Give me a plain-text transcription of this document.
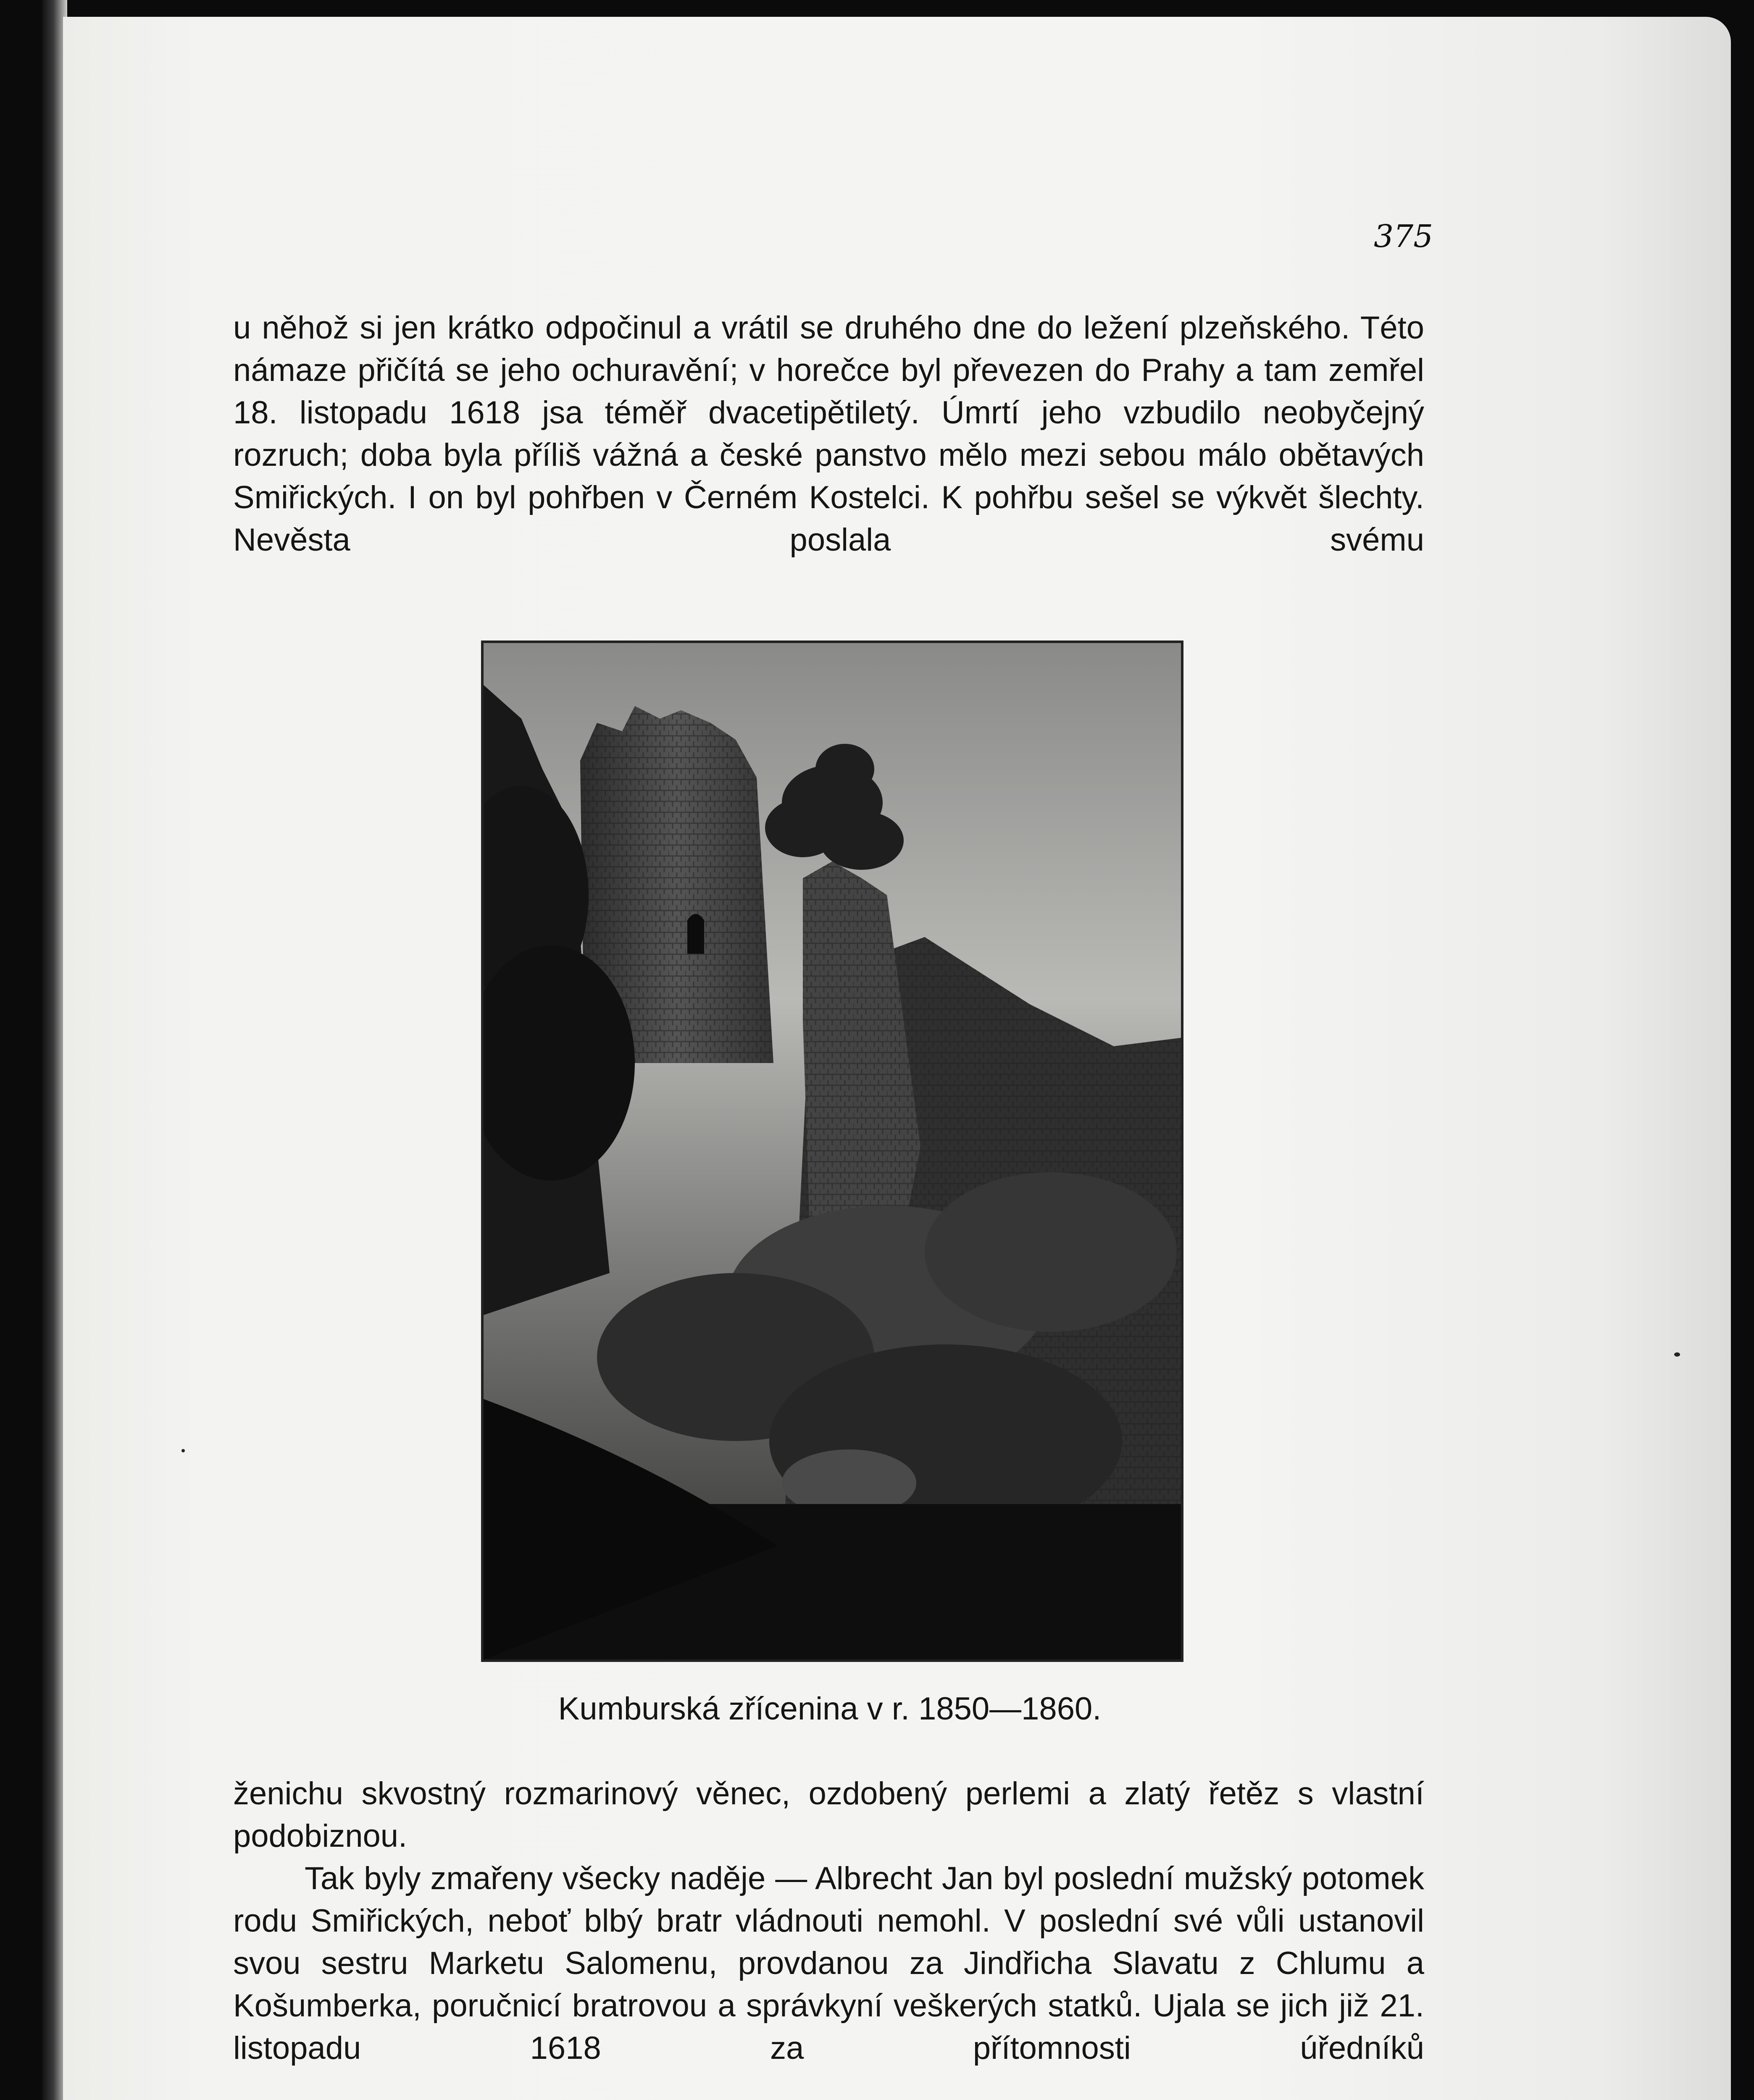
375

u něhož si jen krátko odpočinul a vrátil se druhého dne do ležení plzeňského. Této námaze přičítá se jeho ochuravění; v horečce byl převezen do Prahy a tam zemřel 18. listopadu 1618 jsa téměř dvacetipětiletý. Úmrtí jeho vzbudilo neobyčejný rozruch; doba byla příliš vážná a české panstvo mělo mezi sebou málo obětavých Smiřických. I on byl pohřben v Černém Kostelci. K pohřbu sešel se výkvět šlechty. Nevěsta poslala svému

Kumburská zřícenina v r. 1850—1860.

ženichu skvostný rozmarinový věnec, ozdobený perlemi a zlatý řetěz s vlastní podobiznou.

Tak byly zmařeny všecky naděje — Albrecht Jan byl poslední mužský potomek rodu Smiřických, neboť blbý bratr vládnouti nemohl. V poslední své vůli ustanovil svou sestru Marketu Salomenu, provdanou za Jindřicha Slavatu z Chlumu a Košumberka, poručnicí bratrovou a správkyní veškerých statků. Ujala se jich již 21. listopadu 1618 za přítomnosti úředníků
